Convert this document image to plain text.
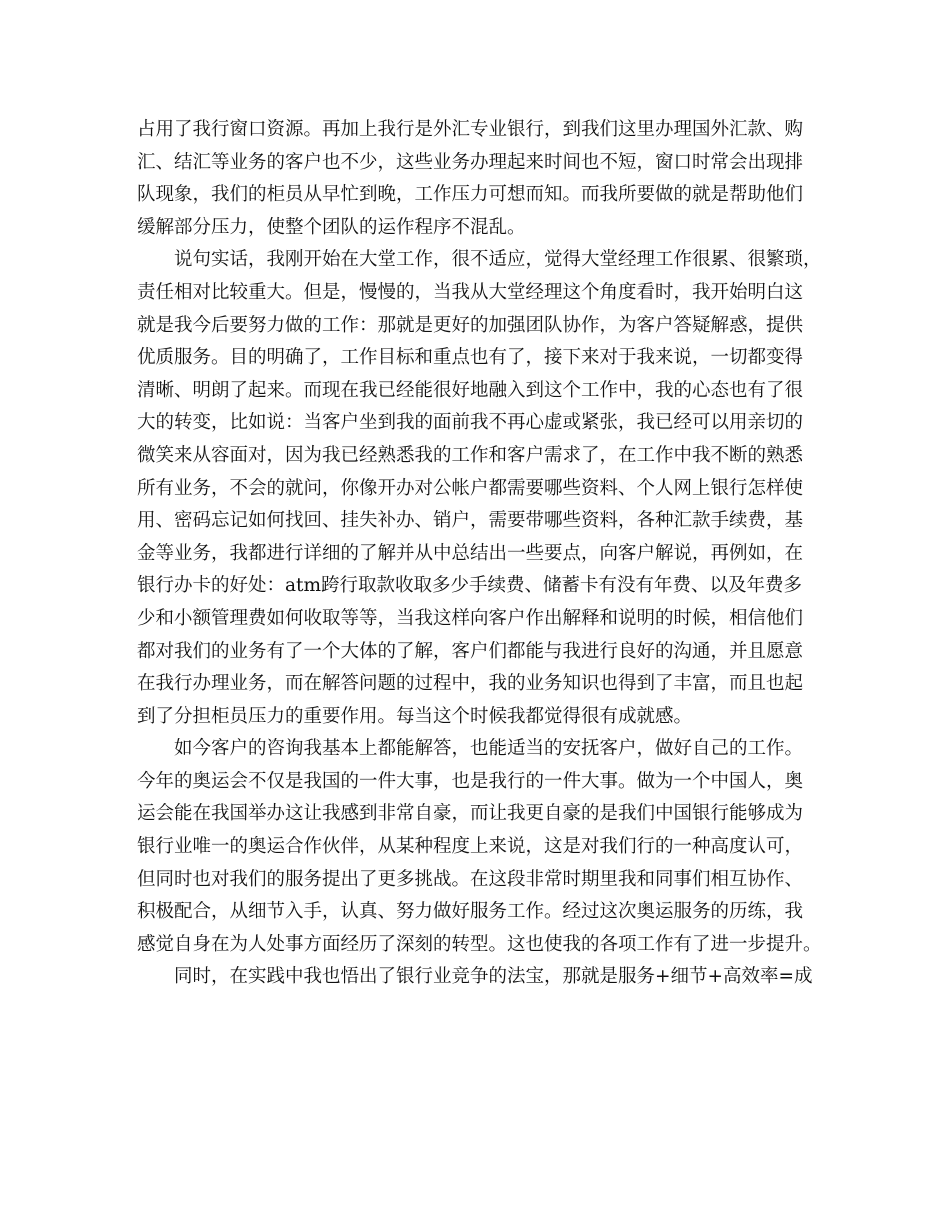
占用了我行窗口资源。再加上我行是外汇专业银行，到我们这里办理国外汇款、购
汇、结汇等业务的客户也不少，这些业务办理起来时间也不短，窗口时常会出现排
队现象，我们的柜员从早忙到晚，工作压力可想而知。而我所要做的就是帮助他们
缓解部分压力，使整个团队的运作程序不混乱。
　　说句实话，我刚开始在大堂工作，很不适应，觉得大堂经理工作很累、很繁琐，
责任相对比较重大。但是，慢慢的，当我从大堂经理这个角度看时，我开始明白这
就是我今后要努力做的工作：那就是更好的加强团队协作，为客户答疑解惑，提供
优质服务。目的明确了，工作目标和重点也有了，接下来对于我来说，一切都变得
清晰、明朗了起来。而现在我已经能很好地融入到这个工作中，我的心态也有了很
大的转变，比如说：当客户坐到我的面前我不再心虚或紧张，我已经可以用亲切的
微笑来从容面对，因为我已经熟悉我的工作和客户需求了，在工作中我不断的熟悉
所有业务，不会的就问，你像开办对公帐户都需要哪些资料、个人网上银行怎样使
用、密码忘记如何找回、挂失补办、销户，需要带哪些资料，各种汇款手续费，基
金等业务，我都进行详细的了解并从中总结出一些要点，向客户解说，再例如，在
银行办卡的好处：atm跨行取款收取多少手续费、储蓄卡有没有年费、以及年费多
少和小额管理费如何收取等等，当我这样向客户作出解释和说明的时候，相信他们
都对我们的业务有了一个大体的了解，客户们都能与我进行良好的沟通，并且愿意
在我行办理业务，而在解答问题的过程中，我的业务知识也得到了丰富，而且也起
到了分担柜员压力的重要作用。每当这个时候我都觉得很有成就感。
　　如今客户的咨询我基本上都能解答，也能适当的安抚客户，做好自己的工作。
今年的奥运会不仅是我国的一件大事，也是我行的一件大事。做为一个中国人，奥
运会能在我国举办这让我感到非常自豪，而让我更自豪的是我们中国银行能够成为
银行业唯一的奥运合作伙伴，从某种程度上来说，这是对我们行的一种高度认可，
但同时也对我们的服务提出了更多挑战。在这段非常时期里我和同事们相互协作、
积极配合，从细节入手，认真、努力做好服务工作。经过这次奥运服务的历练，我
感觉自身在为人处事方面经历了深刻的转型。这也使我的各项工作有了进一步提升。
　　同时，在实践中我也悟出了银行业竞争的法宝，那就是服务+细节+高效率=成
